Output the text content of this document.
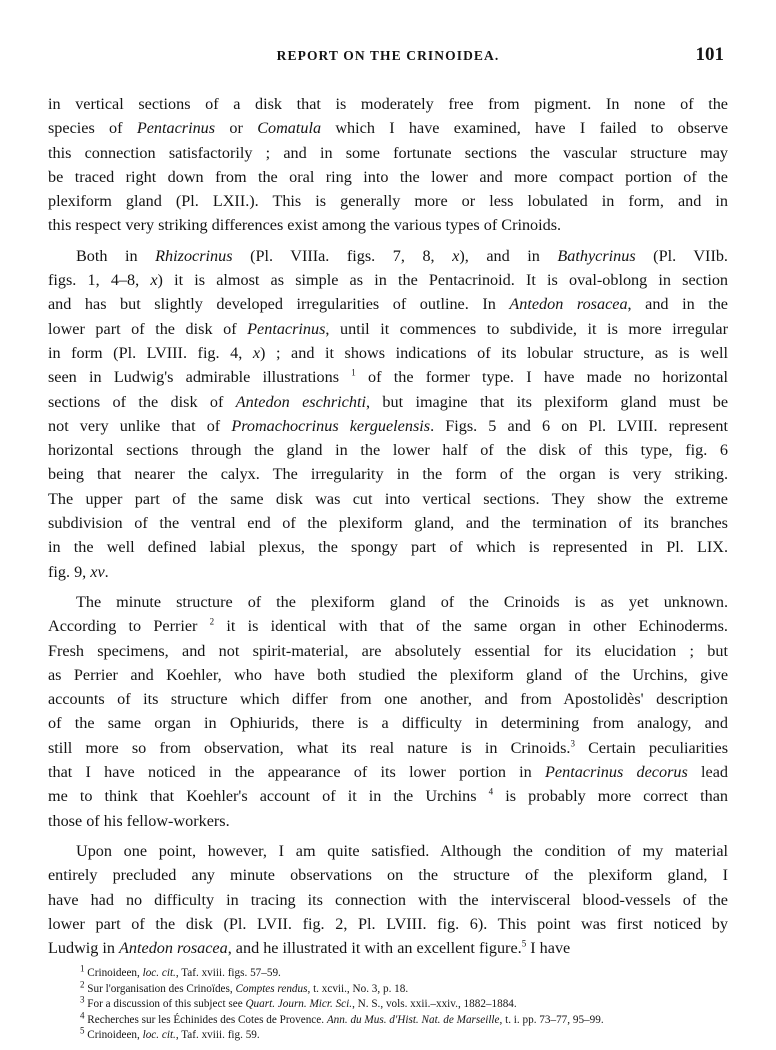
REPORT ON THE CRINOIDEA.	101

in vertical sections of a disk that is moderately free from pigment. In none of the
species of Pentacrinus or Comatula which I have examined, have I failed to observe
this connection satisfactorily ; and in some fortunate sections the vascular structure may
be traced right down from the oral ring into the lower and more compact portion of the
plexiform gland (Pl. LXII.). This is generally more or less lobulated in form, and in
this respect very striking differences exist among the various types of Crinoids.

Both in Rhizocrinus (Pl. VIIIa. figs. 7, 8, x), and in Bathycrinus (Pl. VIIb.
figs. 1, 4–8, x) it is almost as simple as in the Pentacrinoid. It is oval-oblong in section
and has but slightly developed irregularities of outline. In Antedon rosacea, and in the
lower part of the disk of Pentacrinus, until it commences to subdivide, it is more irregular
in form (Pl. LVIII. fig. 4, x) ; and it shows indications of its lobular structure, as is well
seen in Ludwig's admirable illustrations $^1$ of the former type. I have made no horizontal
sections of the disk of Antedon eschrichti, but imagine that its plexiform gland must be
not very unlike that of Promachocrinus kerguelensis. Figs. 5 and 6 on Pl. LVIII. represent
horizontal sections through the gland in the lower half of the disk of this type, fig. 6
being that nearer the calyx. The irregularity in the form of the organ is very striking.
The upper part of the same disk was cut into vertical sections. They show the extreme
subdivision of the ventral end of the plexiform gland, and the termination of its branches
in the well defined labial plexus, the spongy part of which is represented in Pl. LIX.
fig. 9, xv.

The minute structure of the plexiform gland of the Crinoids is as yet unknown.
According to Perrier $^2$ it is identical with that of the same organ in other Echinoderms.
Fresh specimens, and not spirit-material, are absolutely essential for its elucidation ; but
as Perrier and Koehler, who have both studied the plexiform gland of the Urchins, give
accounts of its structure which differ from one another, and from Apostolidès' description
of the same organ in Ophiurids, there is a difficulty in determining from analogy, and
still more so from observation, what its real nature is in Crinoids.$^3$ Certain peculiarities
that I have noticed in the appearance of its lower portion in Pentacrinus decorus lead
me to think that Koehler's account of it in the Urchins $^4$ is probably more correct than
those of his fellow-workers.

Upon one point, however, I am quite satisfied. Although the condition of my material
entirely precluded any minute observations on the structure of the plexiform gland, I
have had no difficulty in tracing its connection with the intervisceral blood-vessels of the
lower part of the disk (Pl. LVII. fig. 2, Pl. LVIII. fig. 6). This point was first noticed by
Ludwig in Antedon rosacea, and he illustrated it with an excellent figure.$^5$ I have

$^1$ Crinoideen, loc. cit., Taf. xviii. figs. 57–59.
$^2$ Sur l'organisation des Crinoïdes, Comptes rendus, t. xcvii., No. 3, p. 18.
$^3$ For a discussion of this subject see Quart. Journ. Micr. Sci., N. S., vols. xxii.–xxiv., 1882–1884.
$^4$ Recherches sur les Échinides des Cotes de Provence. Ann. du Mus. d'Hist. Nat. de Marseille, t. i. pp. 73–77, 95–99.
$^5$ Crinoideen, loc. cit., Taf. xviii. fig. 59.
